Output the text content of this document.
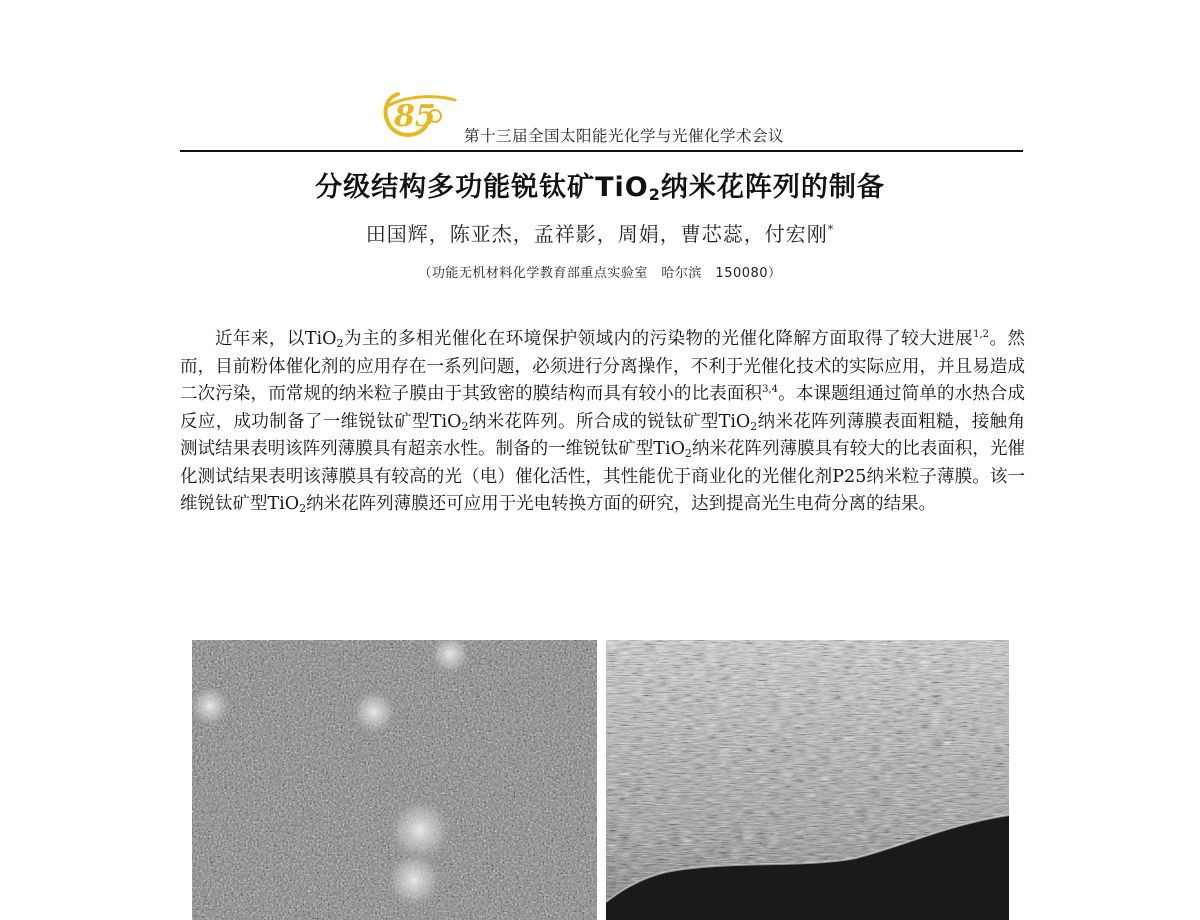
85
第十三届全国太阳能光化学与光催化学术会议
分级结构多功能锐钛矿TiO$_2$纳米花阵列的制备
田国辉，陈亚杰，孟祥影，周娟，曹芯蕊，付宏刚*
（功能无机材料化学教育部重点实验室　哈尔滨　150080）
近年来，以TiO$_2$为主的多相光催化在环境保护领域内的污染物的光催化降解方面取得了较大进展$^{1,2}$。然而，目前粉体催化剂的应用存在一系列问题，必须进行分离操作，不利于光催化技术的实际应用，并且易造成二次污染，而常规的纳米粒子膜由于其致密的膜结构而具有较小的比表面积$^{3,4}$。本课题组通过简单的水热合成反应，成功制备了一维锐钛矿型TiO$_2$纳米花阵列。所合成的锐钛矿型TiO$_2$纳米花阵列薄膜表面粗糙，接触角测试结果表明该阵列薄膜具有超亲水性。制备的一维锐钛矿型TiO$_2$纳米花阵列薄膜具有较大的比表面积，光催化测试结果表明该薄膜具有较高的光（电）催化活性，其性能优于商业化的光催化剂P25纳米粒子薄膜。该一维锐钛矿型TiO$_2$纳米花阵列薄膜还可应用于光电转换方面的研究，达到提高光生电荷分离的结果。
